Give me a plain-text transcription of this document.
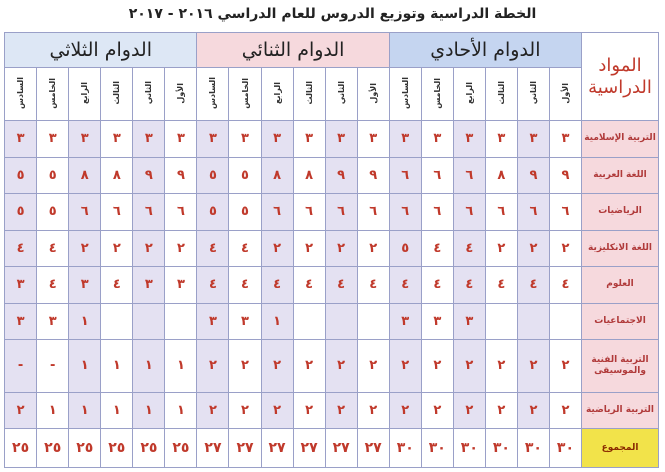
الخطة الدراسية وتوزيع الدروس للعام الدراسي ٢٠١٦ - ٢٠١٧
المواد الدراسية	الدوام الأحادي						الدوام الثنائي						الدوام الثلاثي					
	الأول	الثاني	الثالث	الرابع	الخامس	السادس	الأول	الثاني	الثالث	الرابع	الخامس	السادس	الأول	الثاني	الثالث	الرابع	الخامس	السادس
التربية الإسلامية	٣	٣	٣	٣	٣	٣	٣	٣	٣	٣	٣	٣	٣	٣	٣	٣	٣	٣
اللغة العربية	٩	٩	٨	٦	٦	٦	٩	٩	٨	٨	٥	٥	٩	٩	٨	٨	٥	٥
الرياضيات	٦	٦	٦	٦	٦	٦	٦	٦	٦	٦	٥	٥	٦	٦	٦	٦	٥	٥
اللغة الانكليزية	٢	٢	٢	٤	٤	٥	٢	٢	٢	٢	٤	٤	٢	٢	٢	٢	٤	٤
العلوم	٤	٤	٤	٤	٤	٤	٤	٤	٤	٤	٤	٤	٣	٣	٤	٣	٤	٣
الاجتماعيات				٣	٣	٣				١	٣	٣				١	٣	٣
التربية الفنية والموسيقى	٢	٢	٢	٢	٢	٢	٢	٢	٢	٢	٢	٢	١	١	١	١	-	-
التربية الرياضية	٢	٢	٢	٢	٢	٢	٢	٢	٢	٢	٢	٢	١	١	١	١	١	٢
المجموع	٣٠	٣٠	٣٠	٣٠	٣٠	٣٠	٢٧	٢٧	٢٧	٢٧	٢٧	٢٧	٢٥	٢٥	٢٥	٢٥	٢٥	٢٥
